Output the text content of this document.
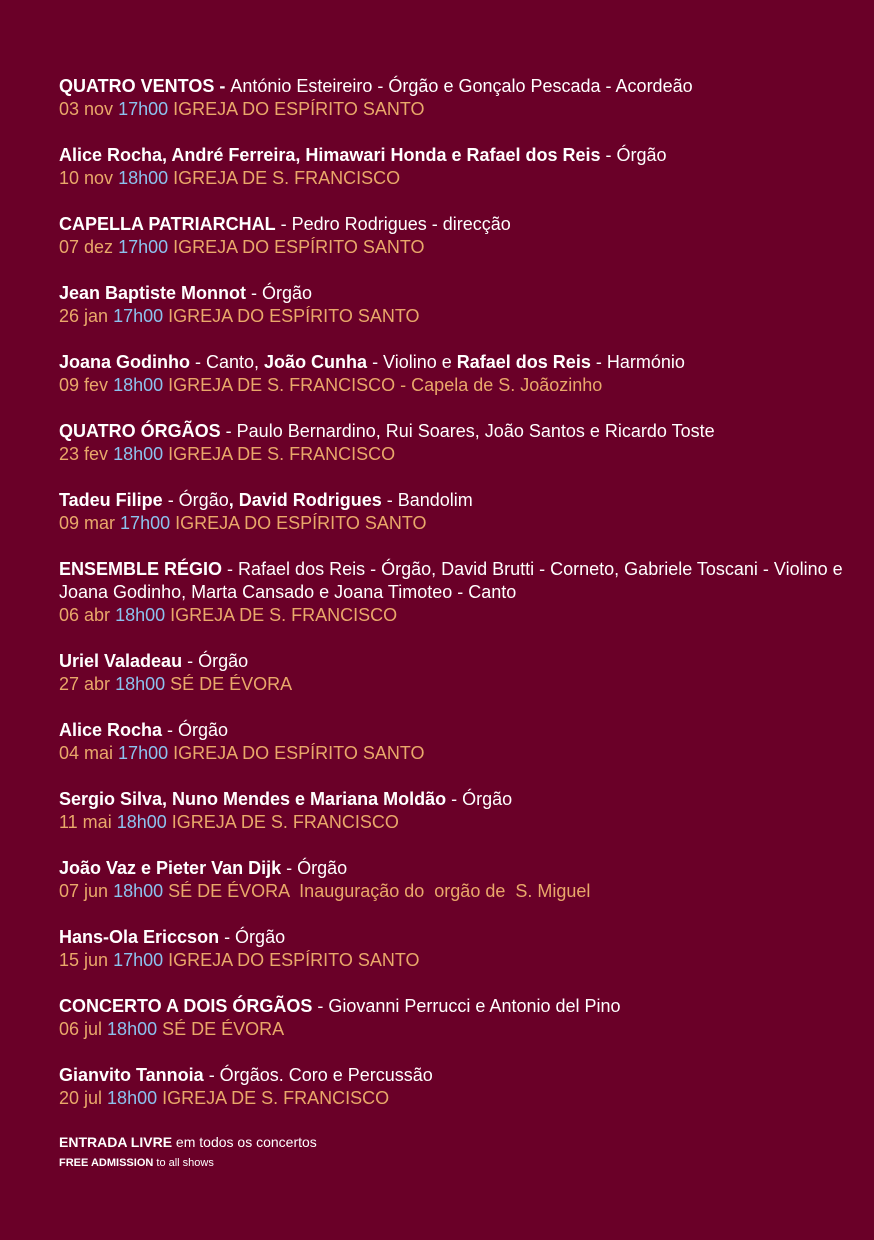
QUATRO VENTOS - António Esteireiro - Órgão e Gonçalo Pescada - Acordeão
03 nov 17h00 IGREJA DO ESPÍRITO SANTO
Alice Rocha, André Ferreira, Himawari Honda e Rafael dos Reis - Órgão
10 nov 18h00 IGREJA DE S. FRANCISCO
CAPELLA PATRIARCHAL - Pedro Rodrigues - direcção
07 dez 17h00 IGREJA DO ESPÍRITO SANTO
Jean Baptiste Monnot - Órgão
26 jan 17h00 IGREJA DO ESPÍRITO SANTO
Joana Godinho - Canto, João Cunha - Violino e Rafael dos Reis - Harmónio
09 fev 18h00 IGREJA DE S. FRANCISCO - Capela de S. Joãozinho
QUATRO ÓRGÃOS - Paulo Bernardino, Rui Soares, João Santos e Ricardo Toste
23 fev 18h00 IGREJA DE S. FRANCISCO
Tadeu Filipe - Órgão, David Rodrigues - Bandolim
09 mar 17h00 IGREJA DO ESPÍRITO SANTO
ENSEMBLE RÉGIO - Rafael dos Reis - Órgão, David Brutti - Corneto, Gabriele Toscani - Violino e Joana Godinho, Marta Cansado e Joana Timoteo - Canto
06 abr 18h00 IGREJA DE S. FRANCISCO
Uriel Valadeau - Órgão
27 abr 18h00 SÉ DE ÉVORA
Alice Rocha - Órgão
04 mai 17h00 IGREJA DO ESPÍRITO SANTO
Sergio Silva, Nuno Mendes e Mariana Moldão - Órgão
11 mai 18h00 IGREJA DE S. FRANCISCO
João Vaz e Pieter Van Dijk - Órgão
07 jun 18h00 SÉ DE ÉVORA  Inauguração do  orgão de  S. Miguel
Hans-Ola Ericcson - Órgão
15 jun 17h00 IGREJA DO ESPÍRITO SANTO
CONCERTO A DOIS ÓRGÃOS - Giovanni Perrucci e Antonio del Pino
06 jul 18h00 SÉ DE ÉVORA
Gianvito Tannoia - Órgãos. Coro e Percussão
20 jul 18h00 IGREJA DE S. FRANCISCO
ENTRADA LIVRE em todos os concertos
FREE ADMISSION to all shows
